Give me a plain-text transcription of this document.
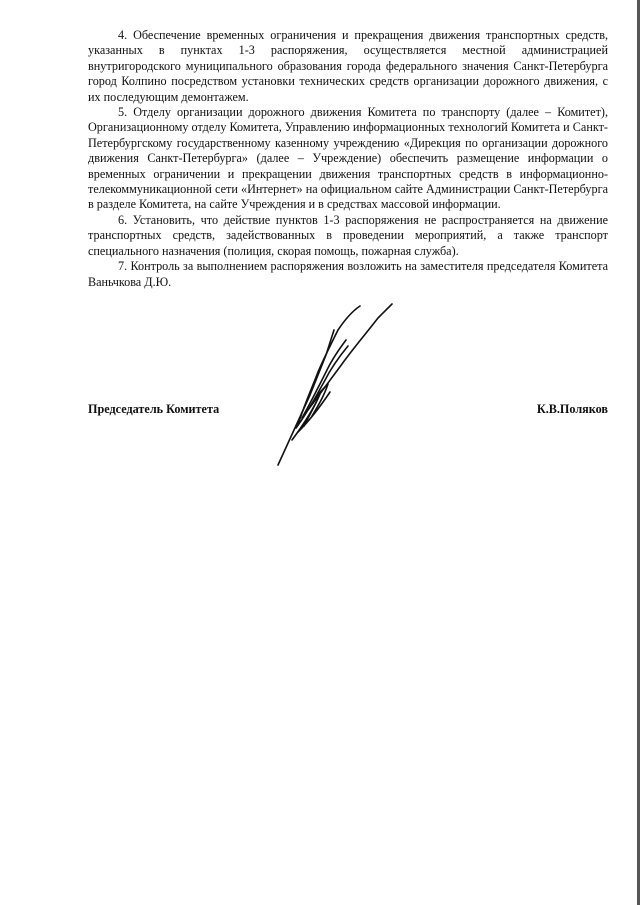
4. Обеспечение временных ограничения и прекращения движения транспортных средств, указанных в пунктах 1-3 распоряжения, осуществляется местной администрацией внутригородского муниципального образования города федерального значения Санкт-Петербурга город Колпино посредством установки технических средств организации дорожного движения, с их последующим демонтажем.

5. Отделу организации дорожного движения Комитета по транспорту (далее – Комитет), Организационному отделу Комитета, Управлению информационных технологий Комитета и Санкт-Петербургскому государственному казенному учреждению «Дирекция по организации дорожного движения Санкт-Петербурга» (далее – Учреждение) обеспечить размещение информации о временных ограничении и прекращении движения транспортных средств в информационно-телекоммуникационной сети «Интернет» на официальном сайте Администрации Санкт-Петербурга в разделе Комитета, на сайте Учреждения и в средствах массовой информации.

6. Установить, что действие пунктов 1-3 распоряжения не распространяется на движение транспортных средств, задействованных в проведении мероприятий, а также транспорт специального назначения (полиция, скорая помощь, пожарная служба).

7. Контроль за выполнением распоряжения возложить на заместителя председателя Комитета Ваньчкова Д.Ю.

Председатель Комитета	К.В.Поляков
